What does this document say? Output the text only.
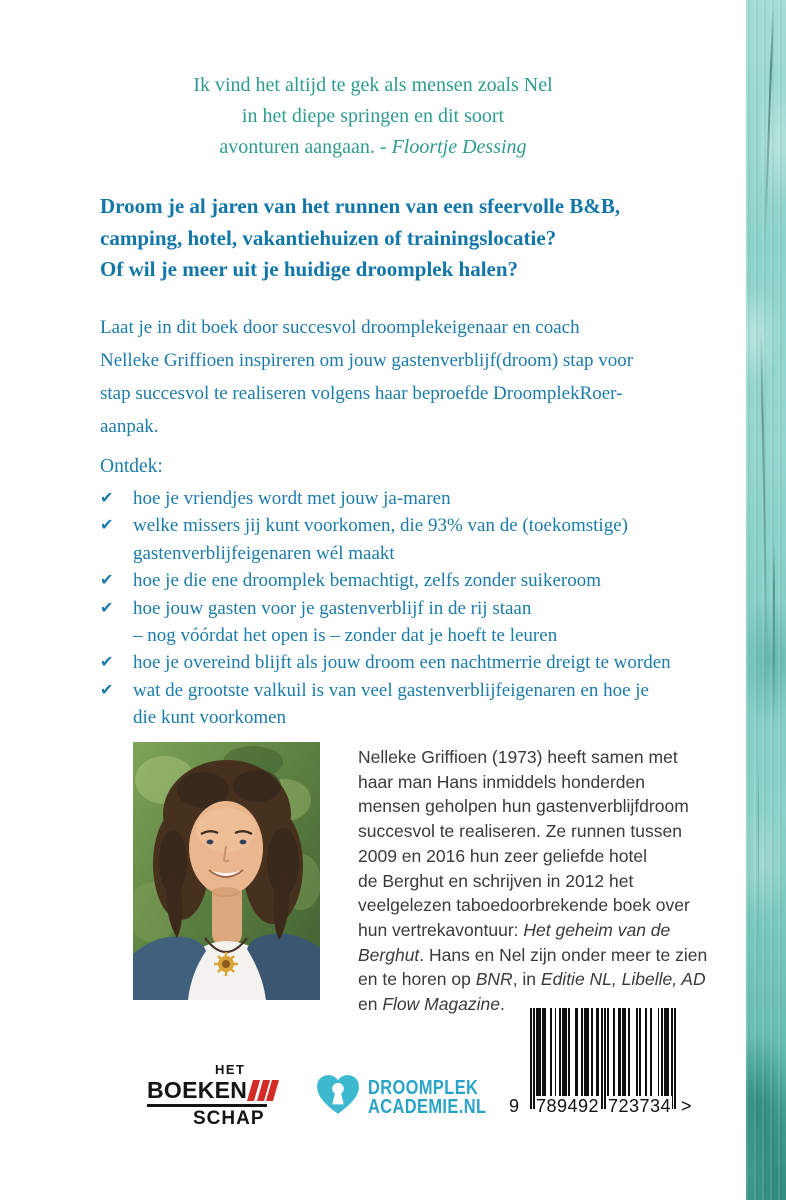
Ik vind het altijd te gek als mensen zoals Nel
in het diepe springen en dit soort
avonturen aangaan. - Floortje Dessing
Droom je al jaren van het runnen van een sfeervolle B&B,
camping, hotel, vakantiehuizen of trainingslocatie?
Of wil je meer uit je huidige droomplek halen?
Laat je in dit boek door succesvol droomplekeigenaar en coach
Nelleke Griffioen inspireren om jouw gastenverblijf(droom) stap voor
stap succesvol te realiseren volgens haar beproefde DroomplekRoer-
aanpak.
Ontdek:
✔	hoe je vriendjes wordt met jouw ja-maren
✔	welke missers jij kunt voorkomen, die 93% van de (toekomstige)
gastenverblijfeigenaren wél maakt
✔	hoe je die ene droomplek bemachtigt, zelfs zonder suikeroom
✔	hoe jouw gasten voor je gastenverblijf in de rij staan
– nog vóórdat het open is – zonder dat je hoeft te leuren
✔	hoe je overeind blijft als jouw droom een nachtmerrie dreigt te worden
✔	wat de grootste valkuil is van veel gastenverblijfeigenaren en hoe je
die kunt voorkomen
Nelleke Griffioen (1973) heeft samen met
haar man Hans inmiddels honderden
mensen geholpen hun gastenverblijfdroom
succesvol te realiseren. Ze runnen tussen
2009 en 2016 hun zeer geliefde hotel
de Berghut en schrijven in 2012 het
veelgelezen taboedoorbrekende boek over
hun vertrekavontuur: Het geheim van de
Berghut. Hans en Nel zijn onder meer te zien
en te horen op BNR, in Editie NL, Libelle, AD
en Flow Magazine.
HET
BOEKEN
SCHAP
DROOMPLEK
ACADEMIE.NL 9 789492 723734 >
